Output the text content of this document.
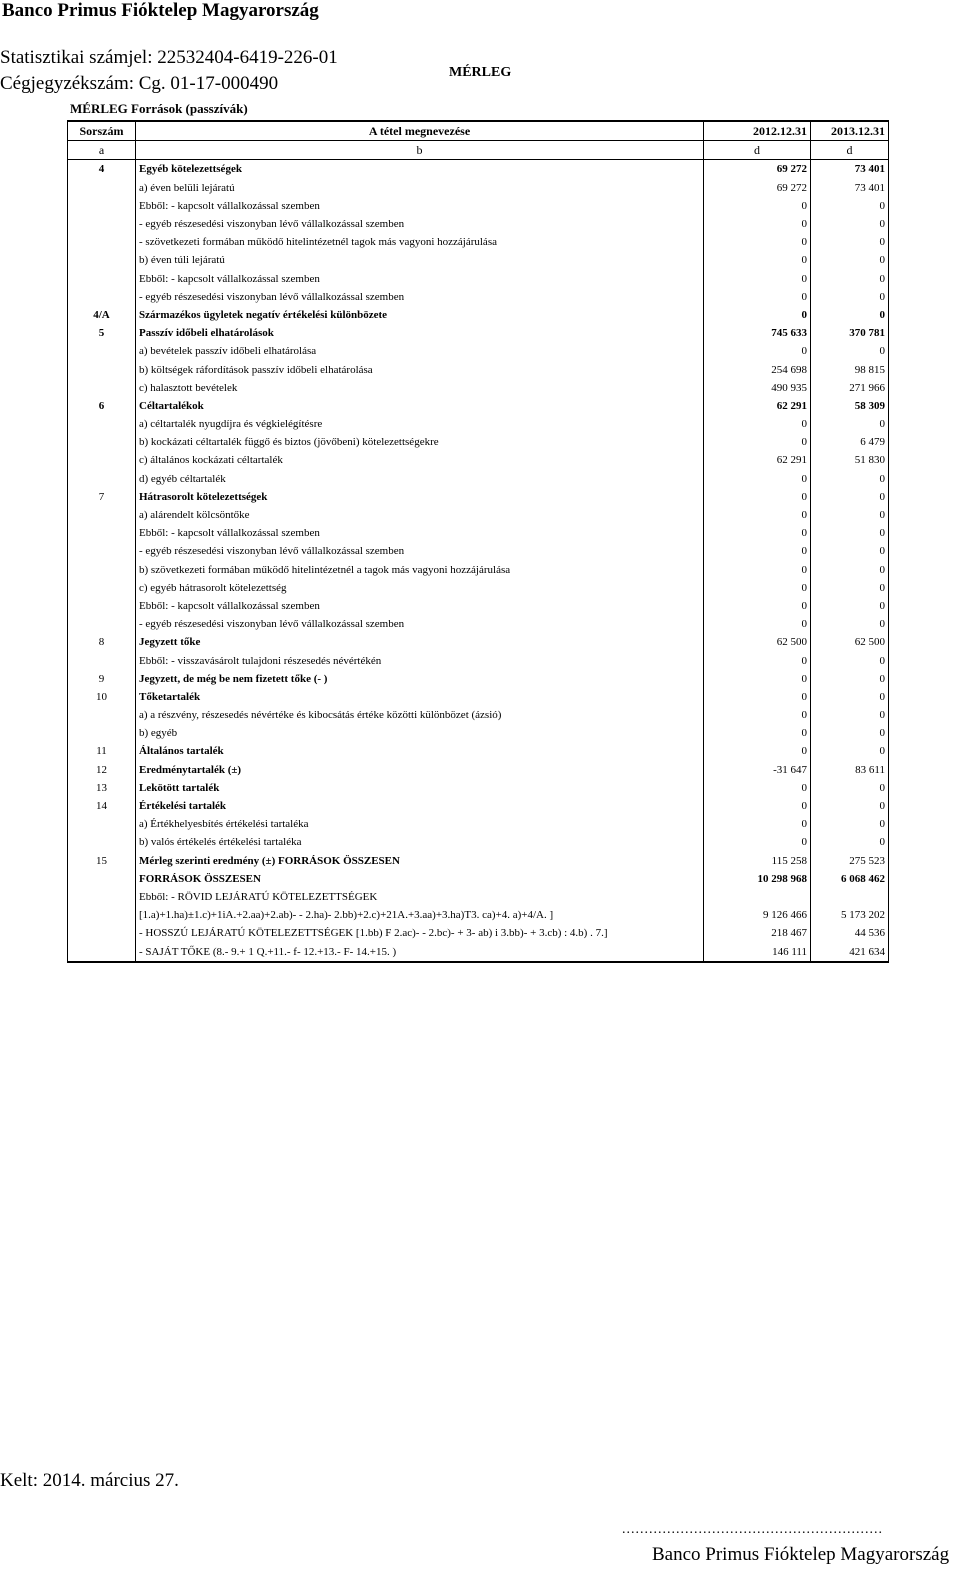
Banco Primus Fióktelep Magyarország
Statisztikai számjel: 22532404-6419-226-01
Cégjegyzékszám: Cg. 01-17-000490
MÉRLEG
MÉRLEG Források (passzívák)
Sorszám	A tétel megnevezése	2012.12.31	2013.12.31
a	b	d	d
4	Egyéb kötelezettségek	69 272	73 401
	a) éven belüli lejáratú	69 272	73 401
	Ebből: - kapcsolt vállalkozással szemben	0	0
	- egyéb részesedési viszonyban lévő vállalkozással szemben	0	0
	- szövetkezeti formában működő hitelintézetnél tagok más vagyoni hozzájárulása	0	0
	b) éven túli lejáratú	0	0
	Ebből: - kapcsolt vállalkozással szemben	0	0
	- egyéb részesedési viszonyban lévő vállalkozással szemben	0	0
4/A	Származékos ügyletek negatív értékelési különbözete	0	0
5	Passzív időbeli elhatárolások	745 633	370 781
	a) bevételek passzív időbeli elhatárolása	0	0
	b) költségek ráfordítások passzív időbeli elhatárolása	254 698	98 815
	c) halasztott bevételek	490 935	271 966
6	Céltartalékok	62 291	58 309
	a) céltartalék nyugdíjra és végkielégítésre	0	0
	b) kockázati céltartalék függő és biztos (jövőbeni) kötelezettségekre	0	6 479
	c) általános kockázati céltartalék	62 291	51 830
	d) egyéb céltartalék	0	0
7	Hátrasorolt kötelezettségek	0	0
	a) alárendelt kölcsöntőke	0	0
	Ebből: - kapcsolt vállalkozással szemben	0	0
	- egyéb részesedési viszonyban lévő vállalkozással szemben	0	0
	b) szövetkezeti formában működő hitelintézetnél a tagok más vagyoni hozzájárulása	0	0
	c) egyéb hátrasorolt kötelezettség	0	0
	Ebből: - kapcsolt vállalkozással szemben	0	0
	- egyéb részesedési viszonyban lévő vállalkozással szemben	0	0
8	Jegyzett tőke	62 500	62 500
	Ebből: - visszavásárolt tulajdoni részesedés névértékén	0	0
9	Jegyzett, de még be nem fizetett tőke (- )	0	0
10	Tőketartalék	0	0
	a) a részvény, részesedés névértéke és kibocsátás értéke közötti különbözet (ázsió)	0	0
	b) egyéb	0	0
11	Általános tartalék	0	0
12	Eredménytartalék (±)	-31 647	83 611
13	Lekötött tartalék	0	0
14	Értékelési tartalék	0	0
	a) Értékhelyesbítés értékelési tartaléka	0	0
	b) valós értékelés értékelési tartaléka	0	0
15	Mérleg szerinti eredmény (±) FORRÁSOK ÖSSZESEN	115 258	275 523
	FORRÁSOK ÖSSZESEN	10 298 968	6 068 462
	Ebből: - RÖVID LEJÁRATÚ KÖTELEZETTSÉGEK		
	[1.a)+1.ha)±1.c)+1iA.+2.aa)+2.ab)- - 2.ha)- 2.bb)+2.c)+21A.+3.aa)+3.ha)T3. ca)+4. a)+4/A. ]	9 126 466	5 173 202
	- HOSSZÚ LEJÁRATÚ KÖTELEZETTSÉGEK [1.bb) F 2.ac)- - 2.bc)- + 3- ab) i 3.bb)- + 3.cb) : 4.b) . 7.]	218 467	44 536
	- SAJÁT TŐKE (8.- 9.+ 1 Q.+11.- f- 12.+13.- F- 14.+15. )	146 111	421 634
Kelt: 2014. március 27.
..........................................................
Banco Primus Fióktelep Magyarország
